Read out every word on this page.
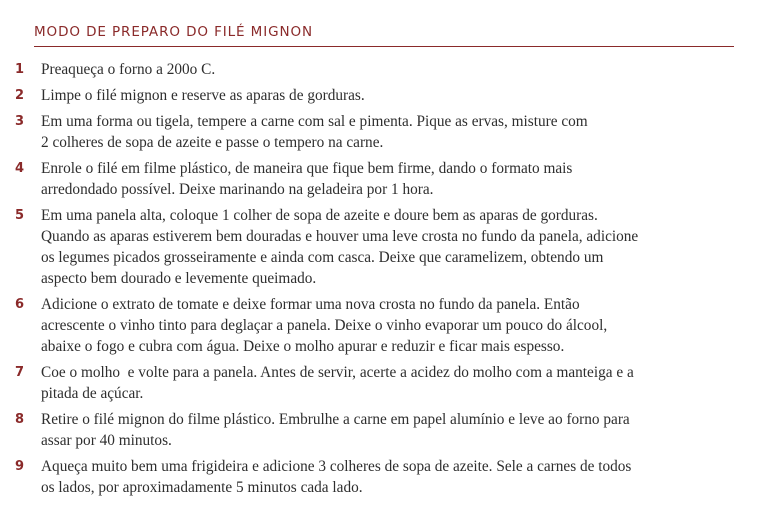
MODO DE PREPARO DO FILÉ MIGNON
1	Preaqueça o forno a 200o C.
2	Limpe o filé mignon e reserve as aparas de gorduras.
3	Em uma forma ou tigela, tempere a carne com sal e pimenta. Pique as ervas, misture com
2 colheres de sopa de azeite e passe o tempero na carne.
4	Enrole o filé em filme plástico, de maneira que fique bem firme, dando o formato mais
arredondado possível. Deixe marinando na geladeira por 1 hora.
5	Em uma panela alta, coloque 1 colher de sopa de azeite e doure bem as aparas de gorduras.
Quando as aparas estiverem bem douradas e houver uma leve crosta no fundo da panela, adicione
os legumes picados grosseiramente e ainda com casca. Deixe que caramelizem, obtendo um
aspecto bem dourado e levemente queimado.
6	Adicione o extrato de tomate e deixe formar uma nova crosta no fundo da panela. Então
acrescente o vinho tinto para deglaçar a panela. Deixe o vinho evaporar um pouco do álcool,
abaixe o fogo e cubra com água. Deixe o molho apurar e reduzir e ficar mais espesso.
7	Coe o molho  e volte para a panela. Antes de servir, acerte a acidez do molho com a manteiga e a
pitada de açúcar.
8	Retire o filé mignon do filme plástico. Embrulhe a carne em papel alumínio e leve ao forno para
assar por 40 minutos.
9	Aqueça muito bem uma frigideira e adicione 3 colheres de sopa de azeite. Sele a carnes de todos
os lados, por aproximadamente 5 minutos cada lado.
